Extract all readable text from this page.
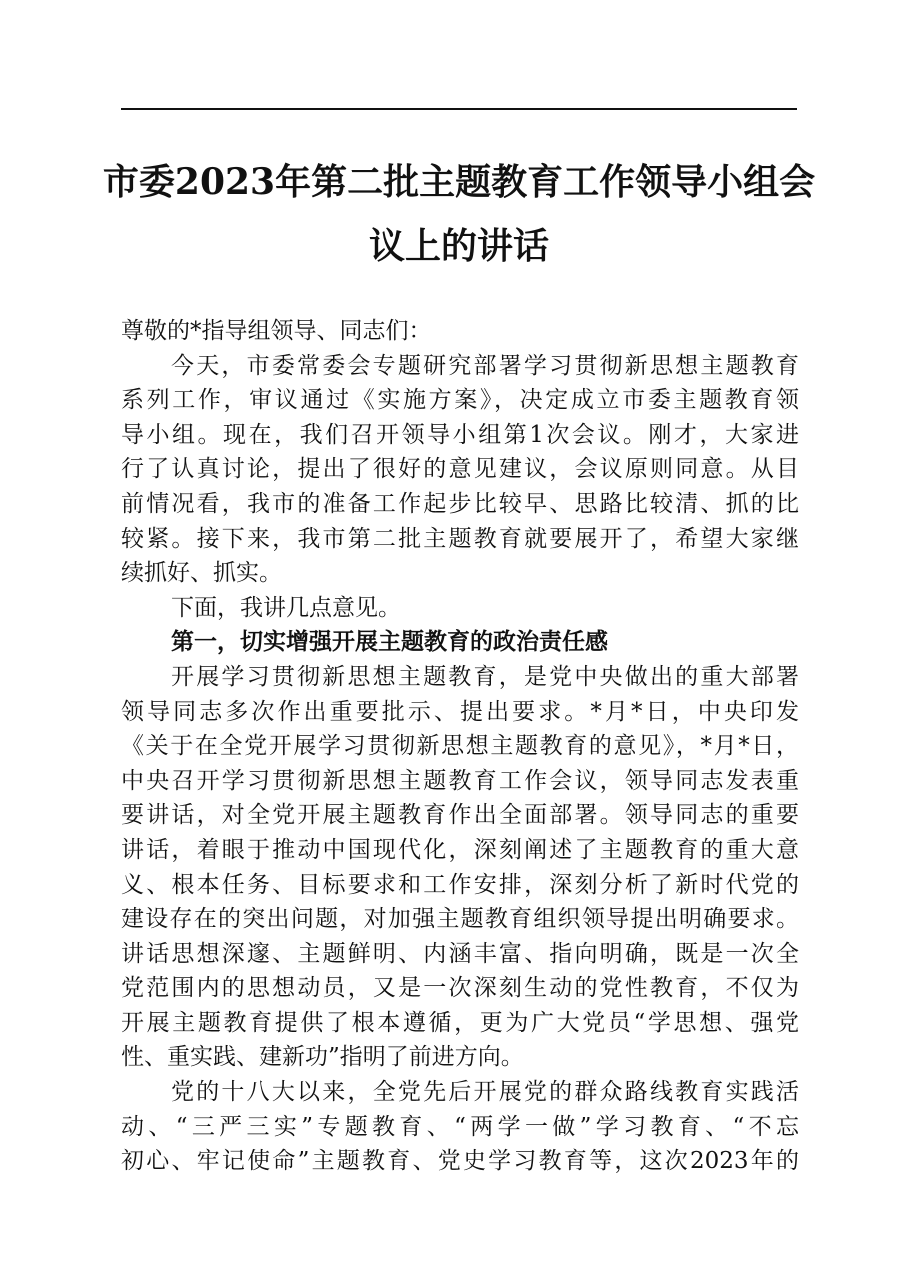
市委2023年第二批主题教育工作领导小组会
议上的讲话
尊敬的*指导组领导、同志们：
今天，市委常委会专题研究部署学习贯彻新思想主题教育
系列工作，审议通过《实施方案》，决定成立市委主题教育领
导小组。现在，我们召开领导小组第1次会议。刚才，大家进
行了认真讨论，提出了很好的意见建议，会议原则同意。从目
前情况看，我市的准备工作起步比较早、思路比较清、抓的比
较紧。接下来，我市第二批主题教育就要展开了，希望大家继
续抓好、抓实。
下面，我讲几点意见。
第一，切实增强开展主题教育的政治责任感
开展学习贯彻新思想主题教育，是党中央做出的重大部署
领导同志多次作出重要批示、提出要求。*月*日，中央印发
《关于在全党开展学习贯彻新思想主题教育的意见》，*月*日，
中央召开学习贯彻新思想主题教育工作会议，领导同志发表重
要讲话，对全党开展主题教育作出全面部署。领导同志的重要
讲话，着眼于推动中国现代化，深刻阐述了主题教育的重大意
义、根本任务、目标要求和工作安排，深刻分析了新时代党的
建设存在的突出问题，对加强主题教育组织领导提出明确要求。
讲话思想深邃、主题鲜明、内涵丰富、指向明确，既是一次全
党范围内的思想动员，又是一次深刻生动的党性教育，不仅为
开展主题教育提供了根本遵循，更为广大党员“学思想、强党
性、重实践、建新功”指明了前进方向。
党的十八大以来，全党先后开展党的群众路线教育实践活
动、“三严三实”专题教育、“两学一做”学习教育、“不忘
初心、牢记使命”主题教育、党史学习教育等，这次2023年的
